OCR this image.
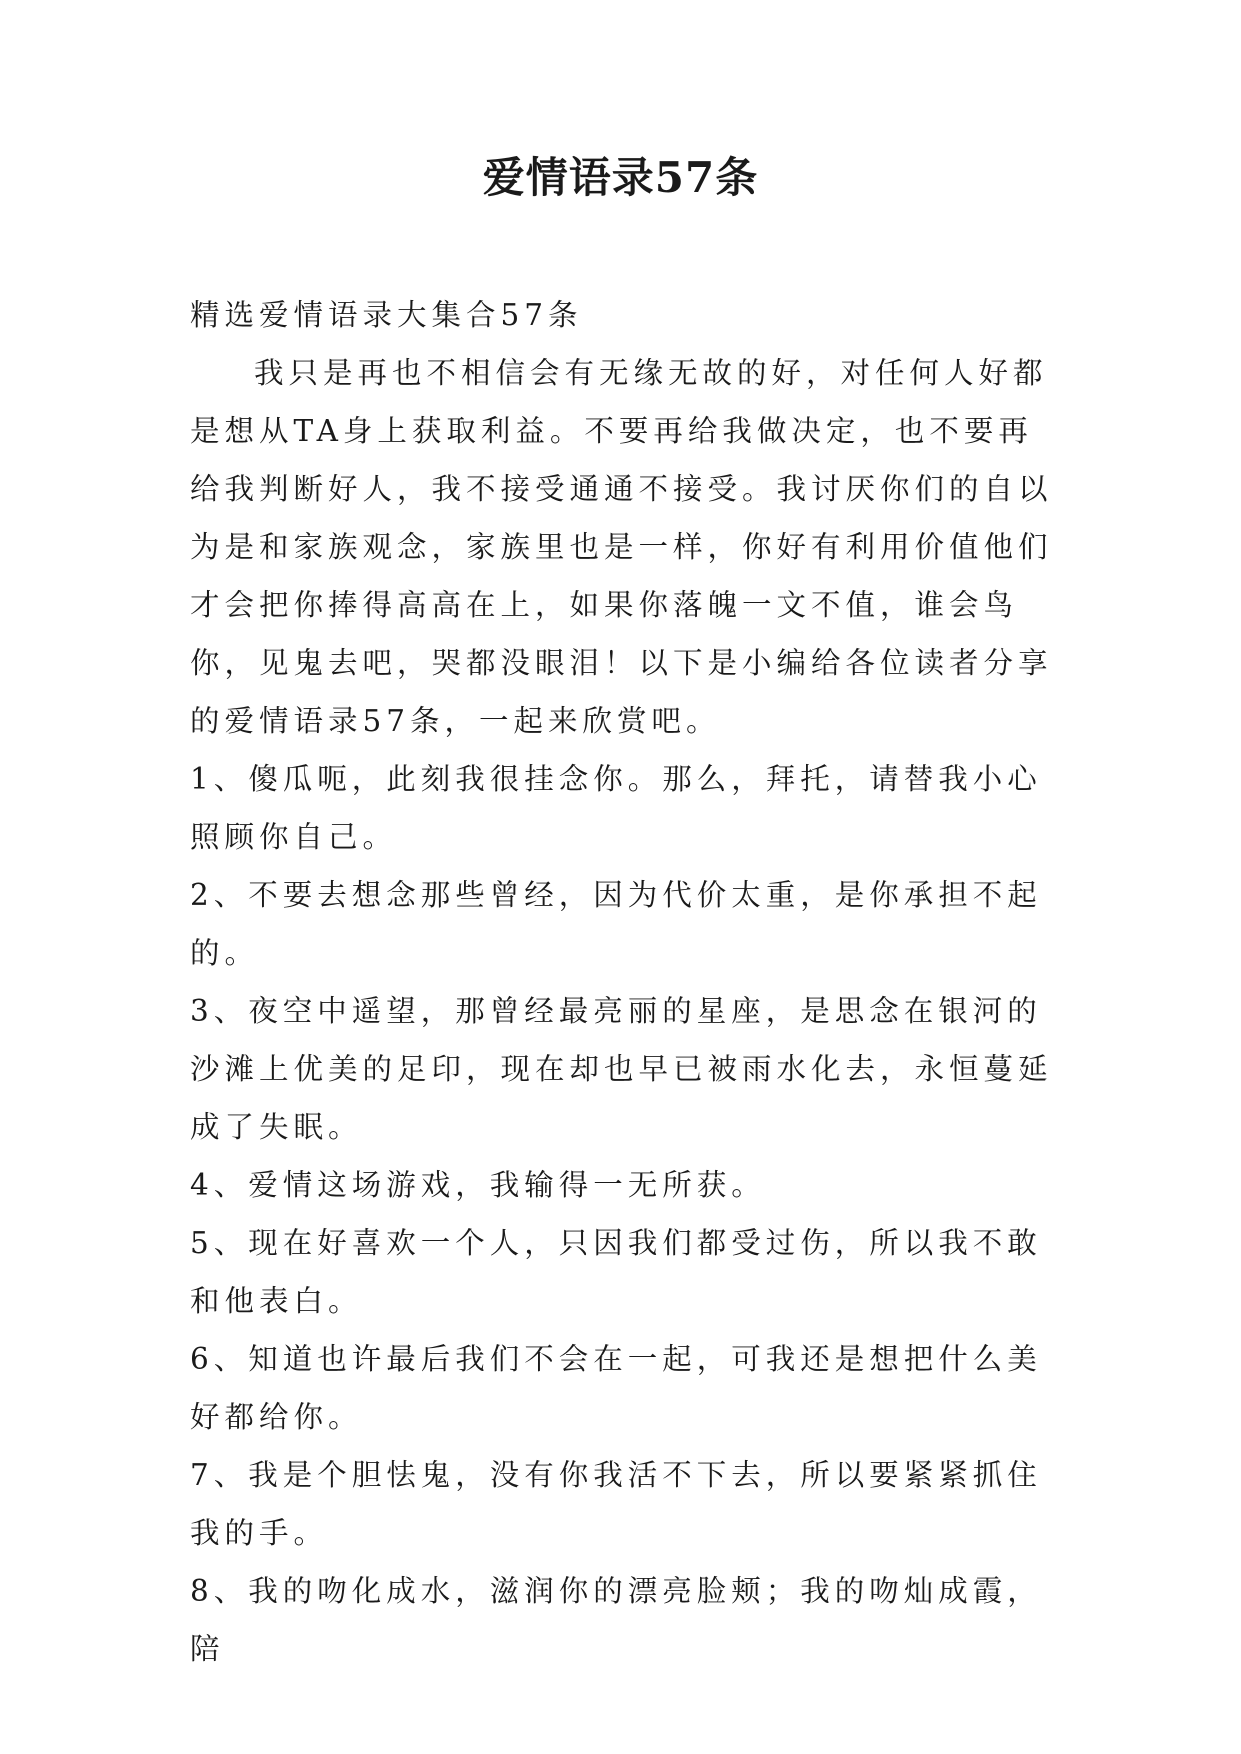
爱情语录57条

精选爱情语录大集合57条

我只是再也不相信会有无缘无故的好，对任何人好都是想从TA身上获取利益。不要再给我做决定，也不要再给我判断好人，我不接受通通不接受。我讨厌你们的自以为是和家族观念，家族里也是一样，你好有利用价值他们才会把你捧得高高在上，如果你落魄一文不值，谁会鸟你，见鬼去吧，哭都没眼泪！以下是小编给各位读者分享的爱情语录57条，一起来欣赏吧。

1、傻瓜呃，此刻我很挂念你。那么，拜托，请替我小心照顾你自己。

2、不要去想念那些曾经，因为代价太重，是你承担不起的。

3、夜空中遥望，那曾经最亮丽的星座，是思念在银河的沙滩上优美的足印，现在却也早已被雨水化去，永恒蔓延成了失眠。

4、爱情这场游戏，我输得一无所获。

5、现在好喜欢一个人，只因我们都受过伤，所以我不敢和他表白。

6、知道也许最后我们不会在一起，可我还是想把什么美好都给你。

7、我是个胆怯鬼，没有你我活不下去，所以要紧紧抓住我的手。

8、我的吻化成水，滋润你的漂亮脸颊；我的吻灿成霞，陪
